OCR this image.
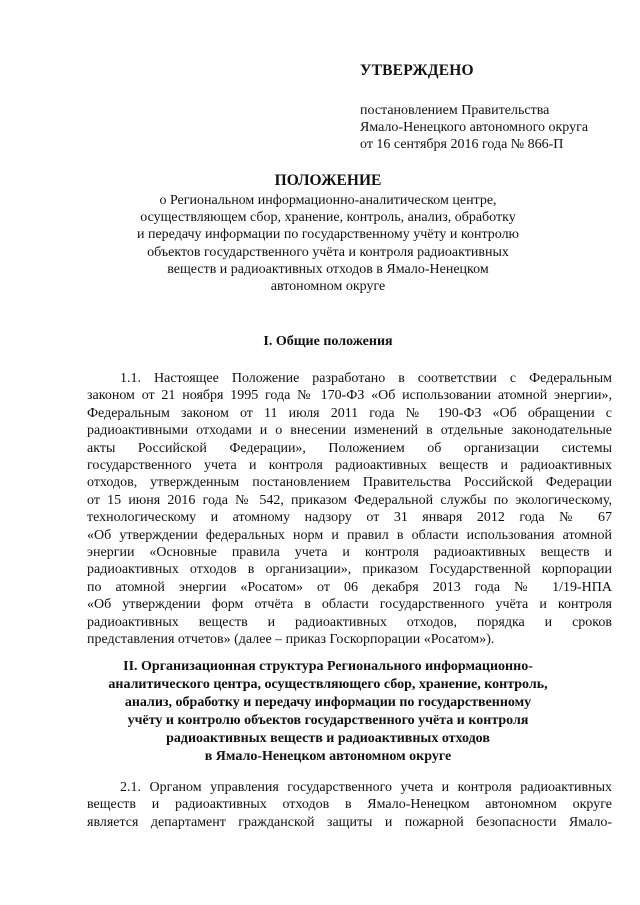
УТВЕРЖДЕНО
постановлением Правительства
Ямало-Ненецкого автономного округа
от 16 сентября 2016 года № 866-П
ПОЛОЖЕНИЕ
о Региональном информационно-аналитическом центре,
осуществляющем сбор, хранение, контроль, анализ, обработку
и передачу информации по государственному учёту и контролю
объектов государственного учёта и контроля радиоактивных
веществ и радиоактивных отходов в Ямало-Ненецком
автономном округе
I. Общие положения
1.1. Настоящее Положение разработано в соответствии с Федеральным
законом от 21 ноября 1995 года № 170-ФЗ «Об использовании атомной энергии»,
Федеральным законом от 11 июля 2011 года № 190-ФЗ «Об обращении с
радиоактивными отходами и о внесении изменений в отдельные законодательные
акты Российской Федерации», Положением об организации системы
государственного учета и контроля радиоактивных веществ и радиоактивных
отходов, утвержденным постановлением Правительства Российской Федерации
от 15 июня 2016 года № 542, приказом Федеральной службы по экологическому,
технологическому и атомному надзору от 31 января 2012 года № 67
«Об утверждении федеральных норм и правил в области использования атомной
энергии «Основные правила учета и контроля радиоактивных веществ и
радиоактивных отходов в организации», приказом Государственной корпорации
по атомной энергии «Росатом» от 06 декабря 2013 года № 1/19-НПА
«Об утверждении форм отчёта в области государственного учёта и контроля
радиоактивных веществ и радиоактивных отходов, порядка и сроков
представления отчетов» (далее – приказ Госкорпорации «Росатом»).
II. Организационная структура Регионального информационно-
аналитического центра, осуществляющего сбор, хранение, контроль,
анализ, обработку и передачу информации по государственному
учёту и контролю объектов государственного учёта и контроля
радиоактивных веществ и радиоактивных отходов
в Ямало-Ненецком автономном округе
2.1. Органом управления государственного учета и контроля радиоактивных
веществ и радиоактивных отходов в Ямало-Ненецком автономном округе
является департамент гражданской защиты и пожарной безопасности Ямало-
